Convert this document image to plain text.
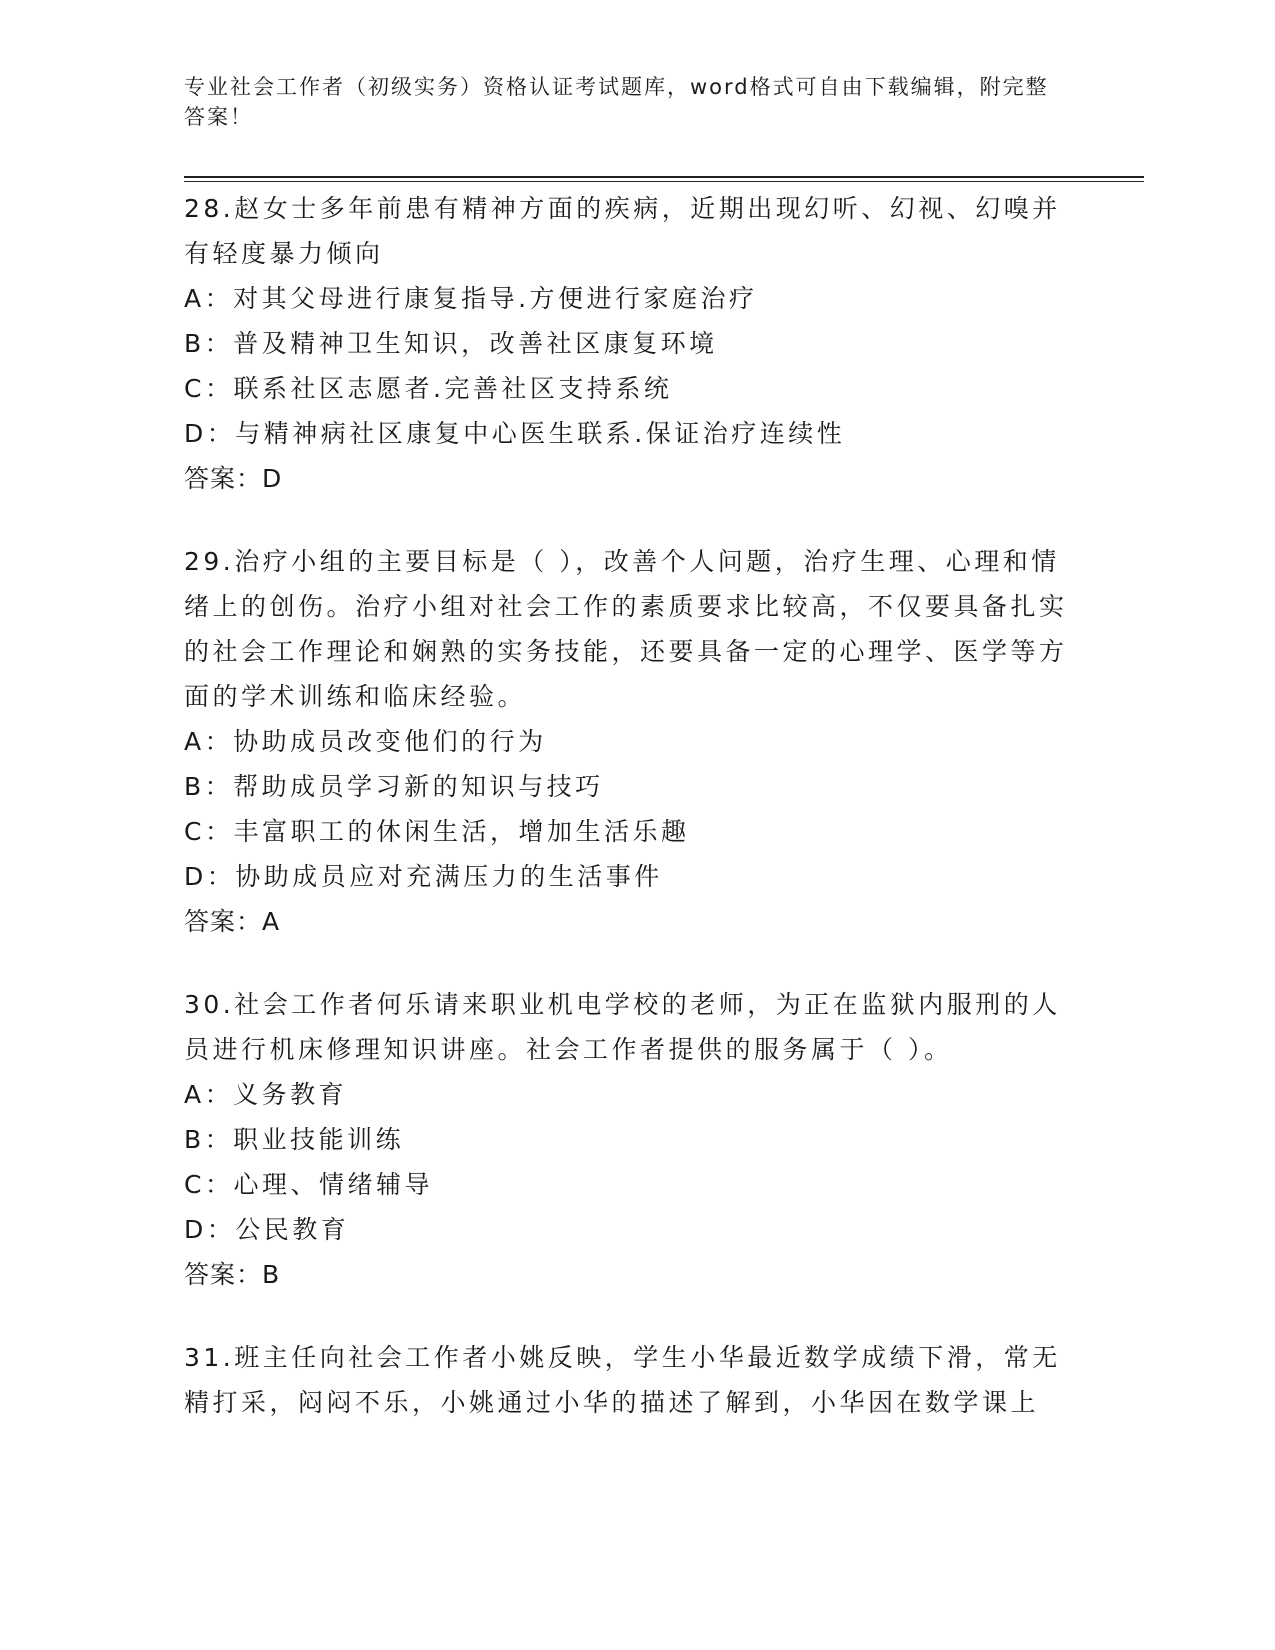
专业社会工作者（初级实务）资格认证考试题库，word格式可自由下载编辑，附完整答案！

28.赵女士多年前患有精神方面的疾病，近期出现幻听、幻视、幻嗅并有轻度暴力倾向

A：对其父母进行康复指导.方便进行家庭治疗

B：普及精神卫生知识，改善社区康复环境

C：联系社区志愿者.完善社区支持系统

D：与精神病社区康复中心医生联系.保证治疗连续性

答案：D

29.治疗小组的主要目标是（ ），改善个人问题，治疗生理、心理和情绪上的创伤。治疗小组对社会工作的素质要求比较高，不仅要具备扎实的社会工作理论和娴熟的实务技能，还要具备一定的心理学、医学等方面的学术训练和临床经验。

A：协助成员改变他们的行为

B：帮助成员学习新的知识与技巧

C：丰富职工的休闲生活，增加生活乐趣

D：协助成员应对充满压力的生活事件

答案：A

30.社会工作者何乐请来职业机电学校的老师，为正在监狱内服刑的人员进行机床修理知识讲座。社会工作者提供的服务属于（ ）。

A：义务教育

B：职业技能训练

C：心理、情绪辅导

D：公民教育

答案：B

31.班主任向社会工作者小姚反映，学生小华最近数学成绩下滑，常无精打采，闷闷不乐，小姚通过小华的描述了解到，小华因在数学课上
